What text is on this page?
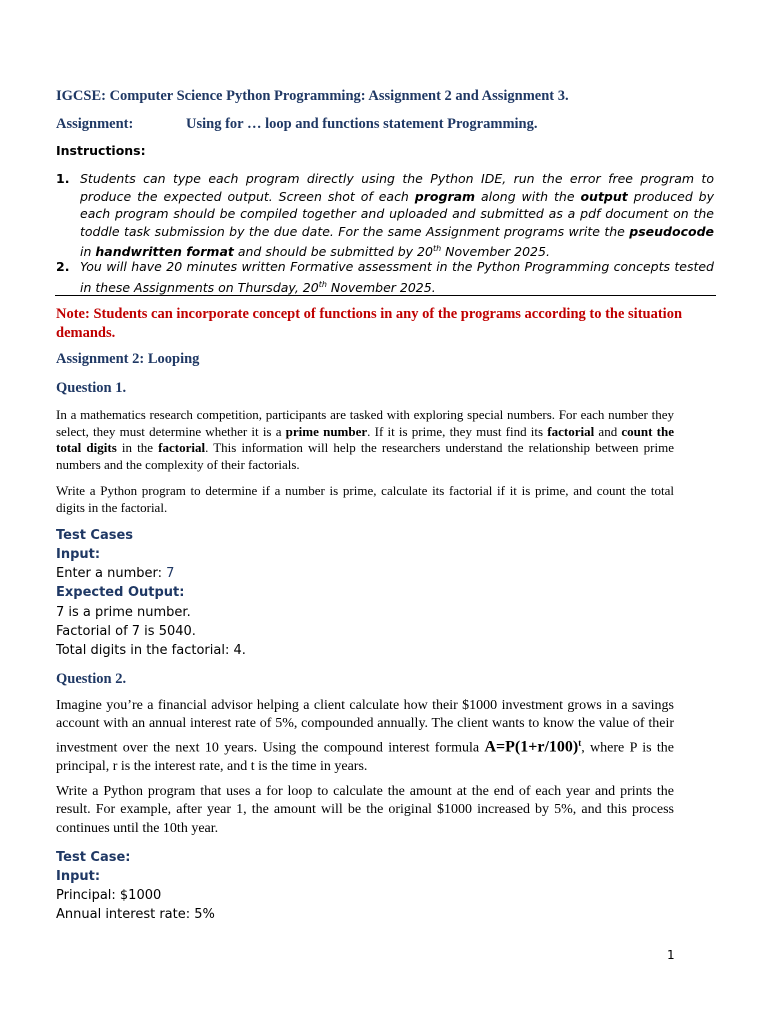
IGCSE: Computer Science Python Programming: Assignment 2 and Assignment 3.

Assignment:	Using for … loop and functions statement Programming.

Instructions:

1. Students can type each program directly using the Python IDE, run the error free program to produce the expected output. Screen shot of each program along with the output produced by each program should be compiled together and uploaded and submitted as a pdf document on the toddle task submission by the due date. For the same Assignment programs write the pseudocode in handwritten format and should be submitted by 20th November 2025.
2. You will have 20 minutes written Formative assessment in the Python Programming concepts tested in these Assignments on Thursday, 20th November 2025.

Note: Students can incorporate concept of functions in any of the programs according to the situation demands.

Assignment 2: Looping

Question 1.

In a mathematics research competition, participants are tasked with exploring special numbers. For each number they select, they must determine whether it is a prime number. If it is prime, they must find its factorial and count the total digits in the factorial. This information will help the researchers understand the relationship between prime numbers and the complexity of their factorials.
Write a Python program to determine if a number is prime, calculate its factorial if it is prime, and count the total digits in the factorial.

Test Cases

Input:

Enter a number: 7

Expected Output:

7 is a prime number.

Factorial of 7 is 5040.

Total digits in the factorial: 4.

Question 2.

Imagine you’re a financial advisor helping a client calculate how their $1000 investment grows in a savings account with an annual interest rate of 5%, compounded annually. The client wants to know the value of their investment over the next 10 years. Using the compound interest formula $A=P(1+r/100)^t$, where P is the principal, r is the interest rate, and t is the time in years.
Write a Python program that uses a for loop to calculate the amount at the end of each year and prints the result. For example, after year 1, the amount will be the original $1000 increased by 5%, and this process continues until the 10th year.

Test Case:

Input:

Principal: $1000

Annual interest rate: 5%

1
